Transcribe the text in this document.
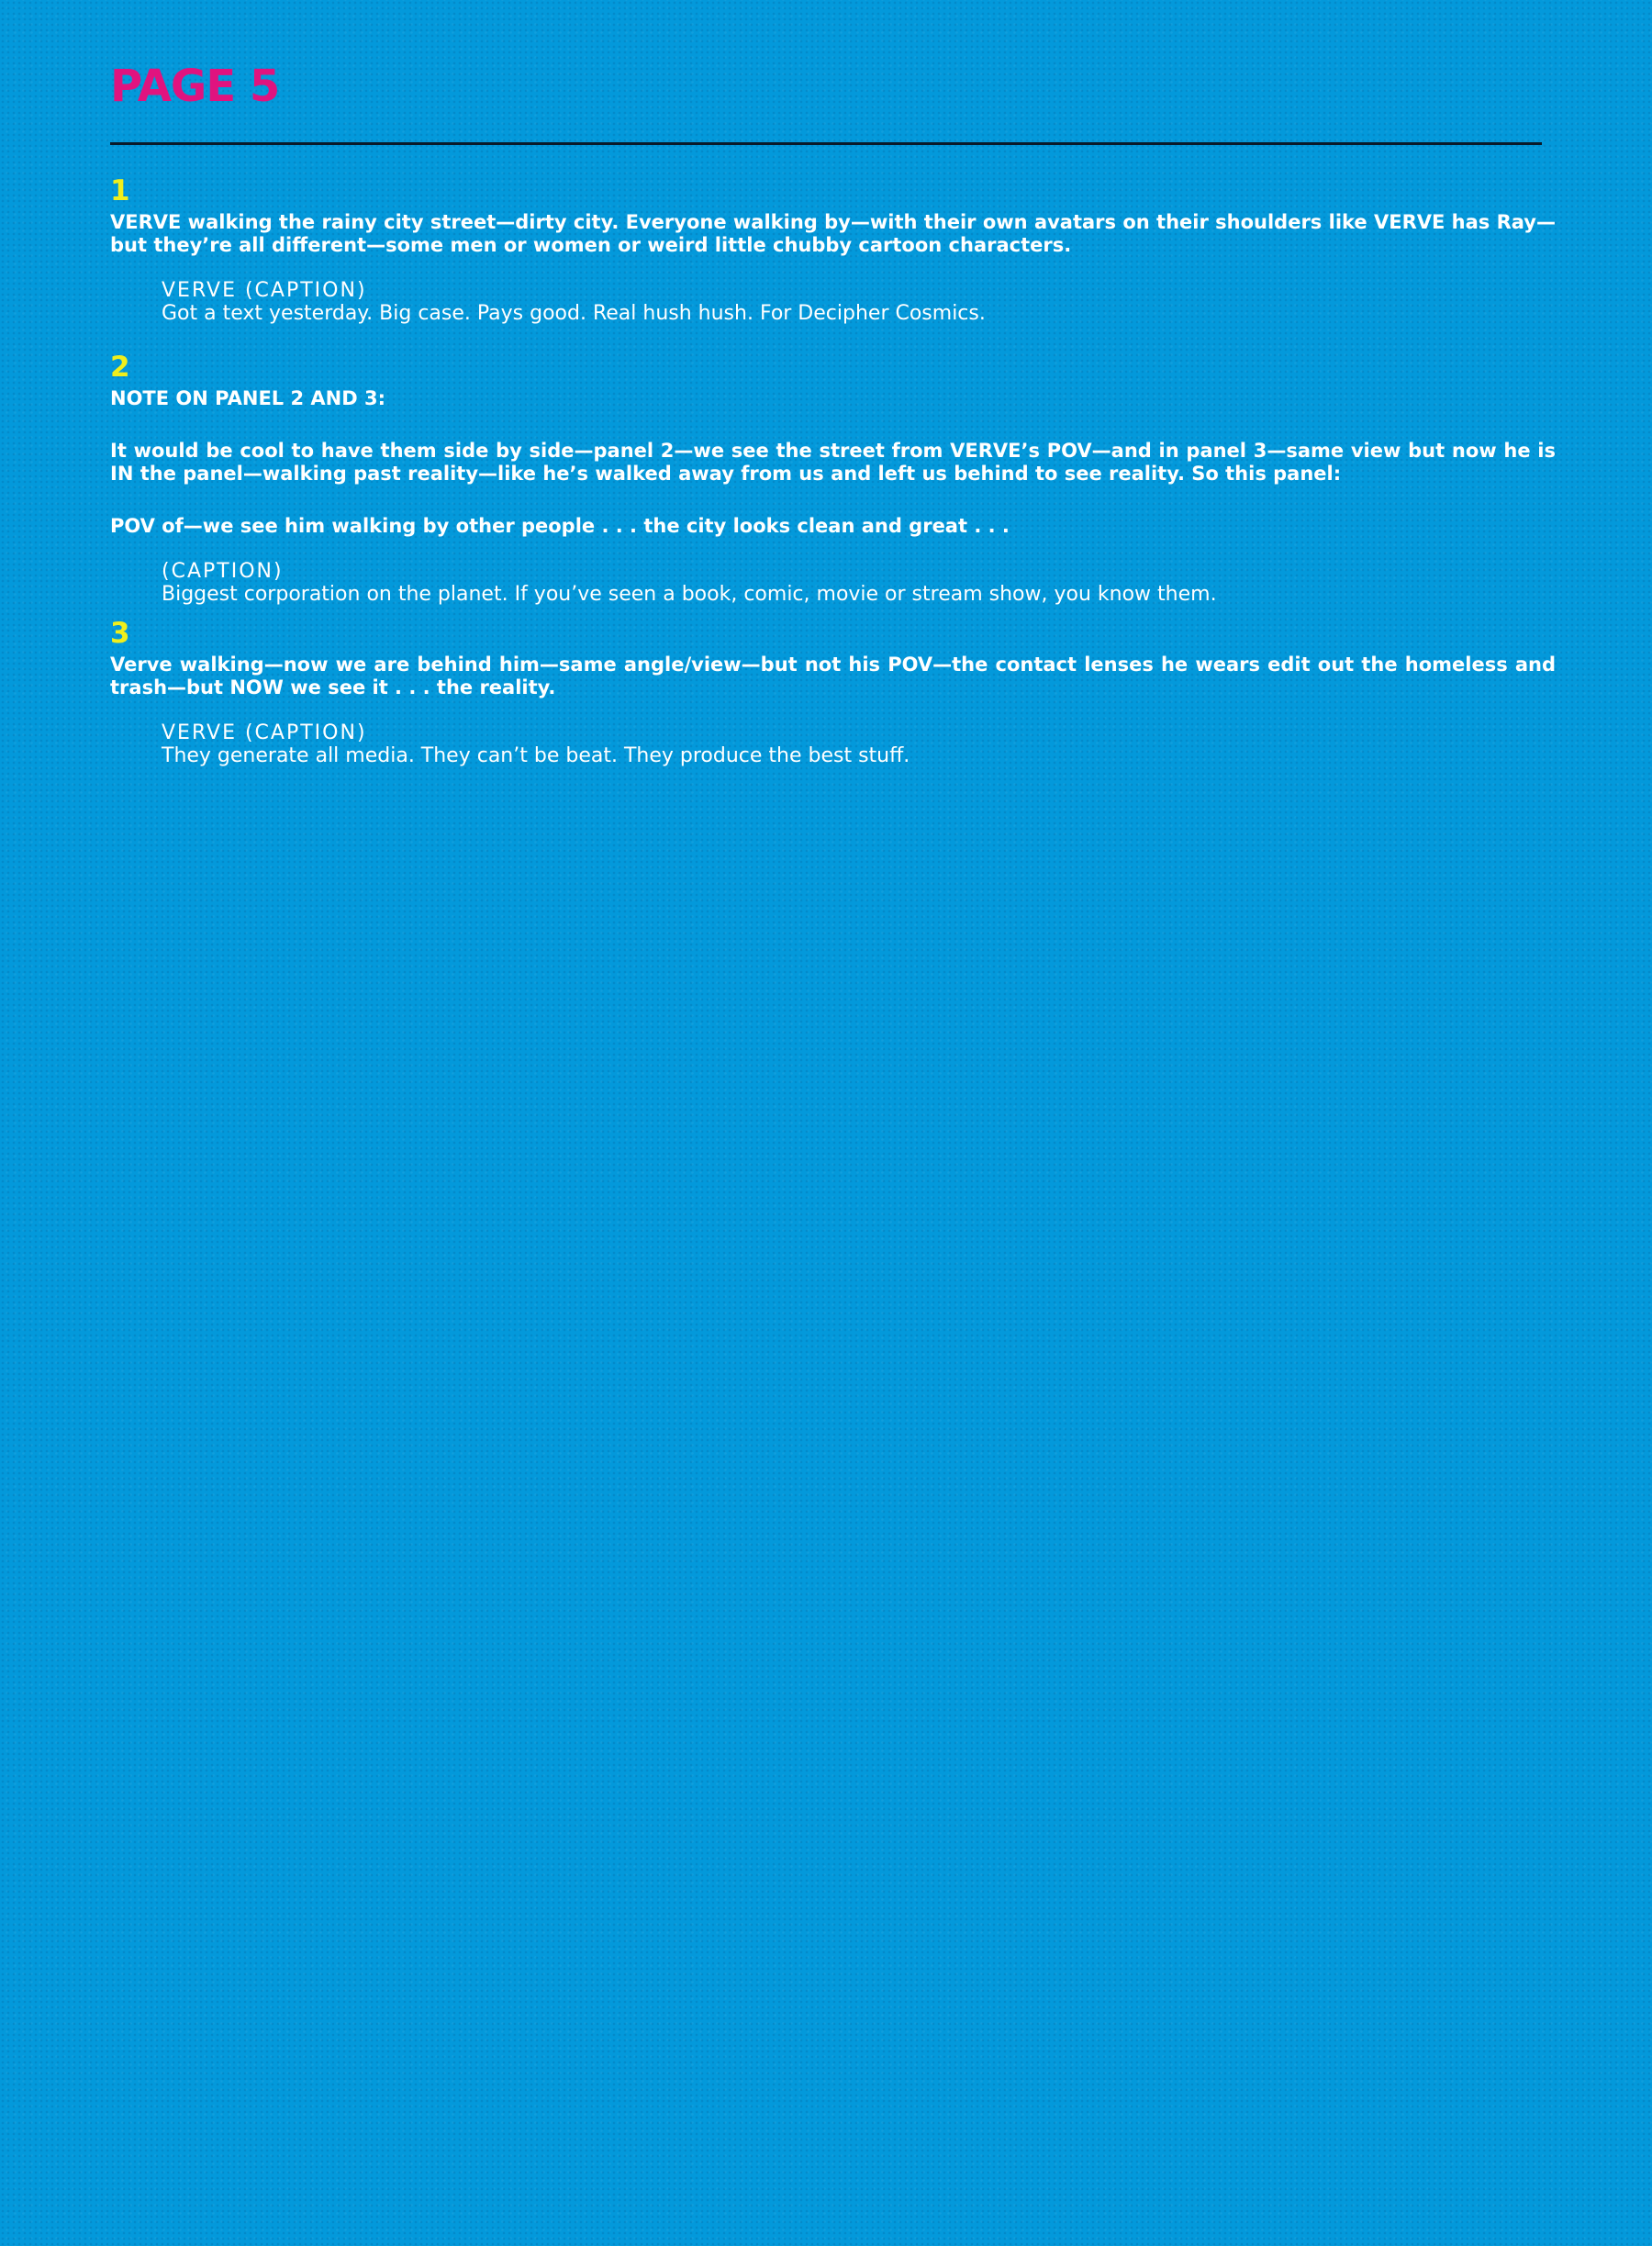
PAGE 5
1

VERVE walking the rainy city street—dirty city. Everyone walking by—with their own avatars on their shoulders like VERVE has Ray—but they’re all different—some men or women or weird little chubby cartoon characters.

VERVE (CAPTION)
Got a text yesterday. Big case. Pays good. Real hush hush. For Decipher Cosmics.
2

NOTE ON PANEL 2 AND 3:

It would be cool to have them side by side—panel 2—we see the street from VERVE’s POV—and in panel 3—same view but now he is IN the panel—walking past reality—like he’s walked away from us and left us behind to see reality. So this panel:

POV of—we see him walking by other people . . . the city looks clean and great . . .

(CAPTION)
Biggest corporation on the planet. If you’ve seen a book, comic, movie or stream show, you know them.
3

Verve walking—now we are behind him—same angle/view—but not his POV—the contact lenses he wears edit out the homeless and trash—but NOW we see it . . . the reality.

VERVE (CAPTION)
They generate all media. They can’t be beat. They produce the best stuff.
